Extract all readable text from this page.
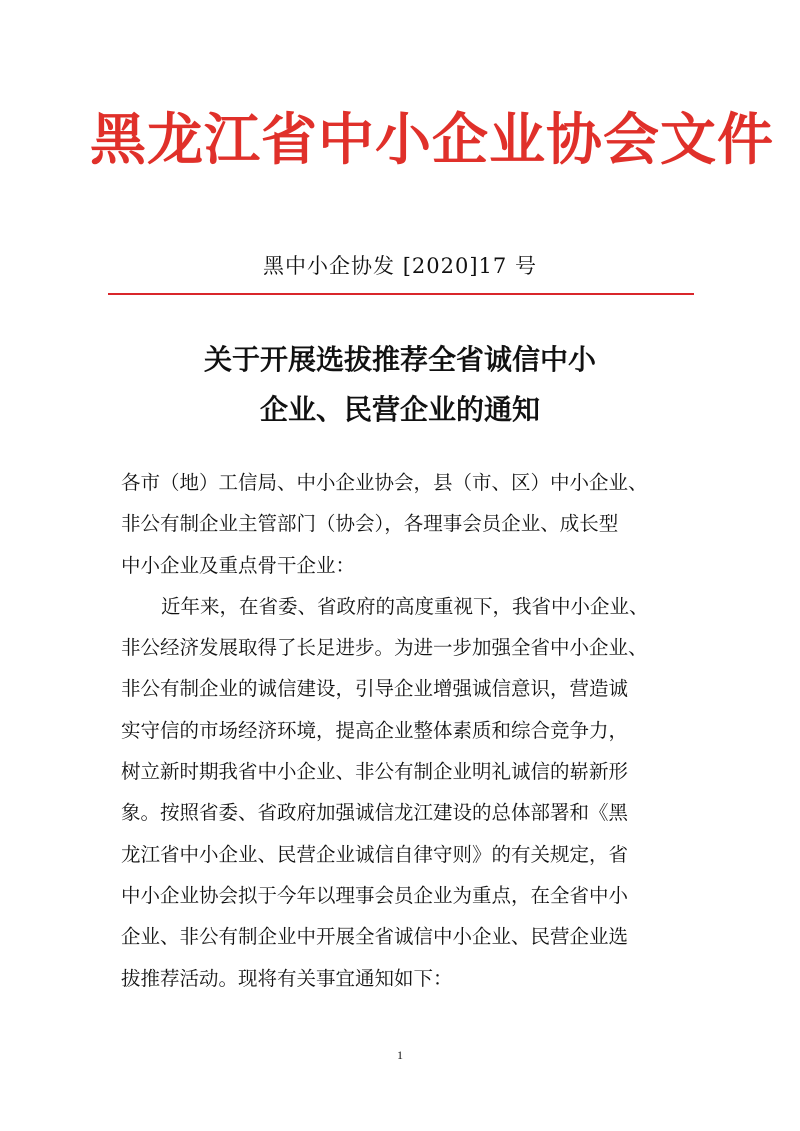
黑龙江省中小企业协会文件
黑中小企协发 [2020]17 号
关于开展选拔推荐全省诚信中小
企业、民营企业的通知
各市（地）工信局、中小企业协会，县（市、区）中小企业、
非公有制企业主管部门（协会），各理事会员企业、成长型
中小企业及重点骨干企业：
近年来，在省委、省政府的高度重视下，我省中小企业、
非公经济发展取得了长足进步。为进一步加强全省中小企业、
非公有制企业的诚信建设，引导企业增强诚信意识，营造诚
实守信的市场经济环境，提高企业整体素质和综合竞争力，
树立新时期我省中小企业、非公有制企业明礼诚信的崭新形
象。按照省委、省政府加强诚信龙江建设的总体部署和《黑
龙江省中小企业、民营企业诚信自律守则》的有关规定，省
中小企业协会拟于今年以理事会员企业为重点，在全省中小
企业、非公有制企业中开展全省诚信中小企业、民营企业选
拔推荐活动。现将有关事宜通知如下：
1
